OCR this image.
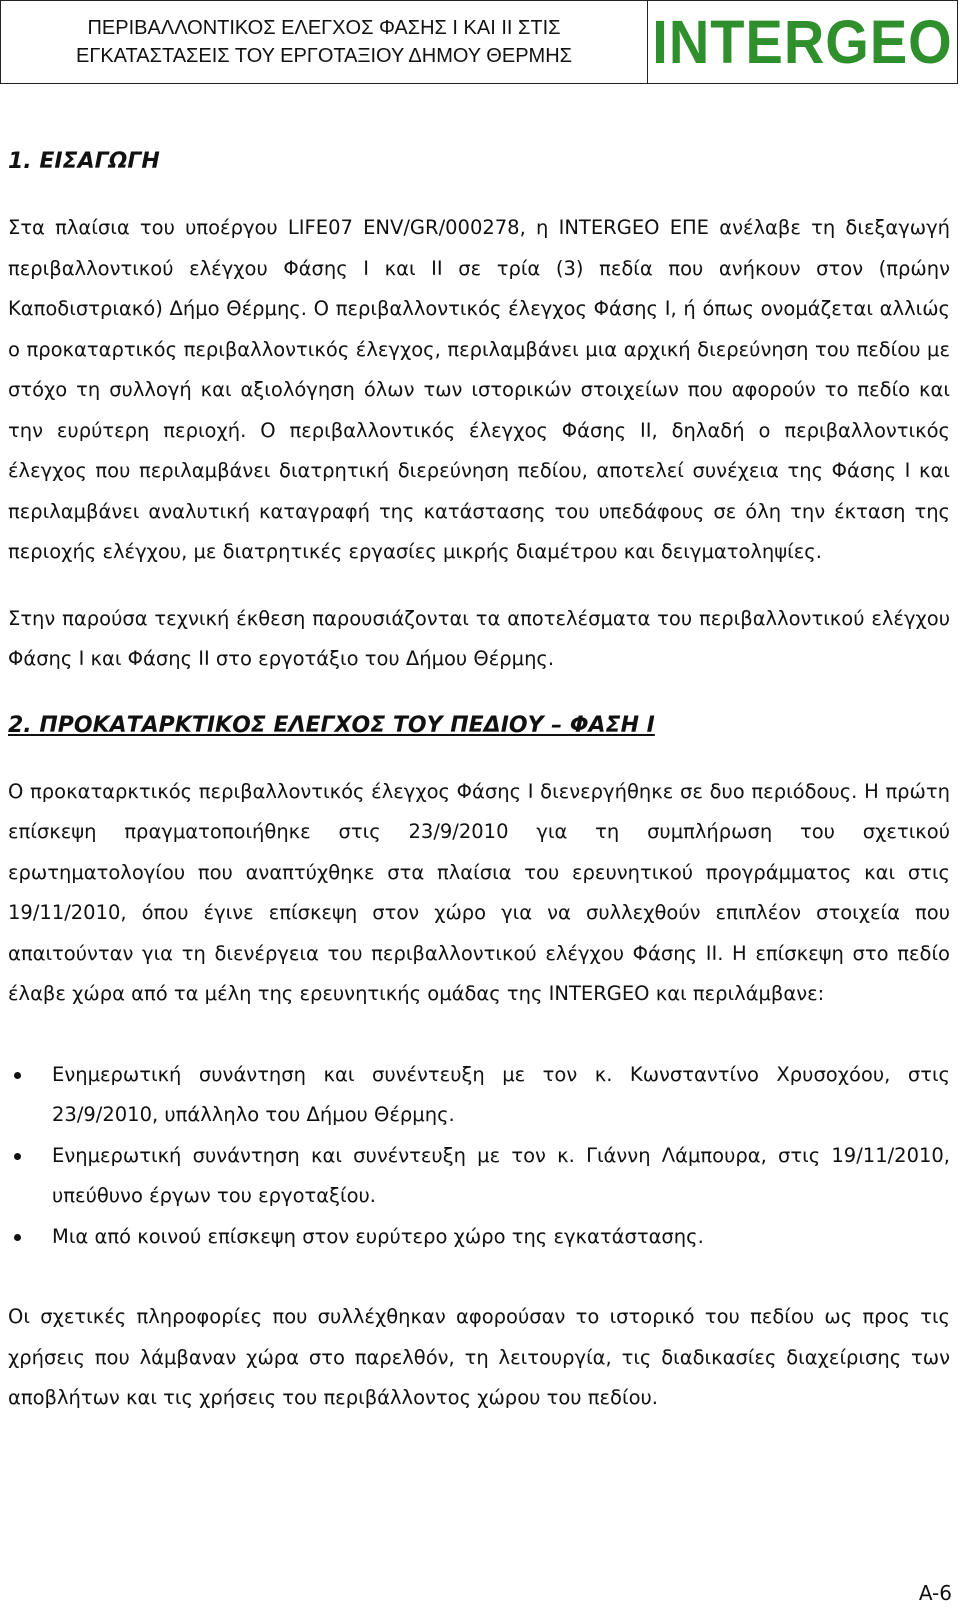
ΠΕΡΙΒΑΛΛΟΝΤΙΚΟΣ ΕΛΕΓΧΟΣ ΦΑΣΗΣ Ι ΚΑΙ ΙΙ ΣΤΙΣ
ΕΓΚΑΤΑΣΤΑΣΕΙΣ ΤΟΥ ΕΡΓΟΤΑΞΙΟΥ ΔΗΜΟΥ ΘΕΡΜΗΣ INTERGEO
1. ΕΙΣΑΓΩΓΗ

Στα πλαίσια του υποέργου LIFE07 ENV/GR/000278, η INTERGEO ΕΠΕ ανέλαβε τη διεξαγωγή περιβαλλοντικού ελέγχου Φάσης Ι και ΙΙ σε τρία (3) πεδία που ανήκουν στον (πρώην Καποδιστριακό) Δήμο Θέρμης. Ο περιβαλλοντικός έλεγχος Φάσης Ι, ή όπως ονομάζεται αλλιώς ο προκαταρτικός περιβαλλοντικός έλεγχος, περιλαμβάνει μια αρχική διερεύνηση του πεδίου με στόχο τη συλλογή και αξιολόγηση όλων των ιστορικών στοιχείων που αφορούν το πεδίο και την ευρύτερη περιοχή. Ο περιβαλλοντικός έλεγχος Φάσης ΙΙ, δηλαδή ο περιβαλλοντικός έλεγχος που περιλαμβάνει διατρητική διερεύνηση πεδίου, αποτελεί συνέχεια της Φάσης Ι και περιλαμβάνει αναλυτική καταγραφή της κατάστασης του υπεδάφους σε όλη την έκταση της περιοχής ελέγχου, με διατρητικές εργασίες μικρής διαμέτρου και δειγματοληψίες.

Στην παρούσα τεχνική έκθεση παρουσιάζονται τα αποτελέσματα του περιβαλλοντικού ελέγχου Φάσης Ι και Φάσης ΙΙ στο εργοτάξιο του Δήμου Θέρμης.

2. ΠΡΟΚΑΤΑΡΚΤΙΚΟΣ ΕΛΕΓΧΟΣ ΤΟΥ ΠΕΔΙΟΥ – ΦΑΣΗ Ι

Ο προκαταρκτικός περιβαλλοντικός έλεγχος Φάσης Ι διενεργήθηκε σε δυο περιόδους. Η πρώτη επίσκεψη πραγματοποιήθηκε στις 23/9/2010 για τη συμπλήρωση του σχετικού ερωτηματολογίου που αναπτύχθηκε στα πλαίσια του ερευνητικού προγράμματος και στις 19/11/2010, όπου έγινε επίσκεψη στον χώρο για να συλλεχθούν επιπλέον στοιχεία που απαιτούνταν για τη διενέργεια του περιβαλλοντικού ελέγχου Φάσης ΙΙ. Η επίσκεψη στο πεδίο έλαβε χώρα από τα μέλη της ερευνητικής ομάδας της INTERGEO και περιλάμβανε:

Ενημερωτική συνάντηση και συνέντευξη με τον κ. Κωνσταντίνο Χρυσοχόου, στις 23/9/2010, υπάλληλο του Δήμου Θέρμης.
Ενημερωτική συνάντηση και συνέντευξη με τον κ. Γιάννη Λάμπουρα, στις 19/11/2010, υπεύθυνο έργων του εργοταξίου.
Μια από κοινού επίσκεψη στον ευρύτερο χώρο της εγκατάστασης.

Οι σχετικές πληροφορίες που συλλέχθηκαν αφορούσαν το ιστορικό του πεδίου ως προς τις χρήσεις που λάμβαναν χώρα στο παρελθόν, τη λειτουργία, τις διαδικασίες διαχείρισης των αποβλήτων και τις χρήσεις του περιβάλλοντος χώρου του πεδίου.

A-6
